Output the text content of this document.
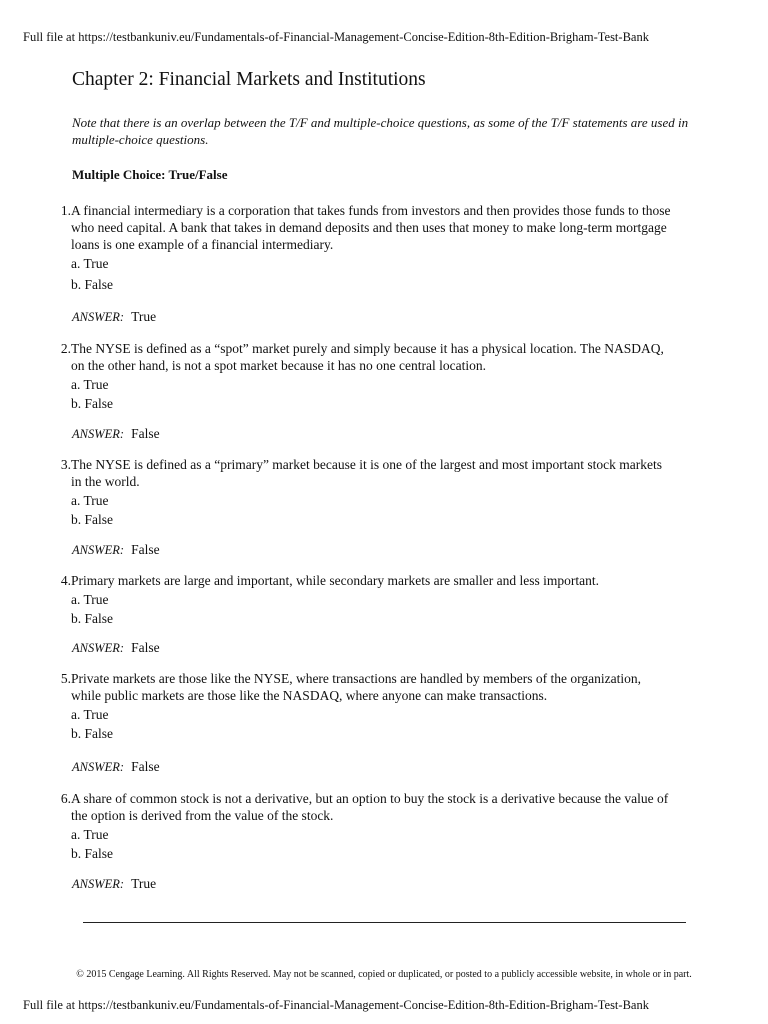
Full file at https://testbankuniv.eu/Fundamentals-of-Financial-Management-Concise-Edition-8th-Edition-Brigham-Test-Bank
Chapter 2: Financial Markets and Institutions

Note that there is an overlap between the T/F and multiple-choice questions, as some of the T/F statements are used in multiple-choice questions.

Multiple Choice: True/False
1. A financial intermediary is a corporation that takes funds from investors and then provides those funds to those
who need capital. A bank that takes in demand deposits and then uses that money to make long-term mortgage
loans is one example of a financial intermediary.
a. True
b. False
ANSWER: True
2. The NYSE is defined as a “spot” market purely and simply because it has a physical location. The NASDAQ,
on the other hand, is not a spot market because it has no one central location.
a. True
b. False
ANSWER: False
3. The NYSE is defined as a “primary” market because it is one of the largest and most important stock markets
in the world.
a. True
b. False
ANSWER: False
4. Primary markets are large and important, while secondary markets are smaller and less important.
a. True
b. False
ANSWER: False
5. Private markets are those like the NYSE, where transactions are handled by members of the organization,
while public markets are those like the NASDAQ, where anyone can make transactions.
a. True
b. False
ANSWER: False
6. A share of common stock is not a derivative, but an option to buy the stock is a derivative because the value of
the option is derived from the value of the stock.
a. True
b. False
ANSWER: True
© 2015 Cengage Learning. All Rights Reserved. May not be scanned, copied or duplicated, or posted to a publicly accessible website, in whole or in part.
Full file at https://testbankuniv.eu/Fundamentals-of-Financial-Management-Concise-Edition-8th-Edition-Brigham-Test-Bank
